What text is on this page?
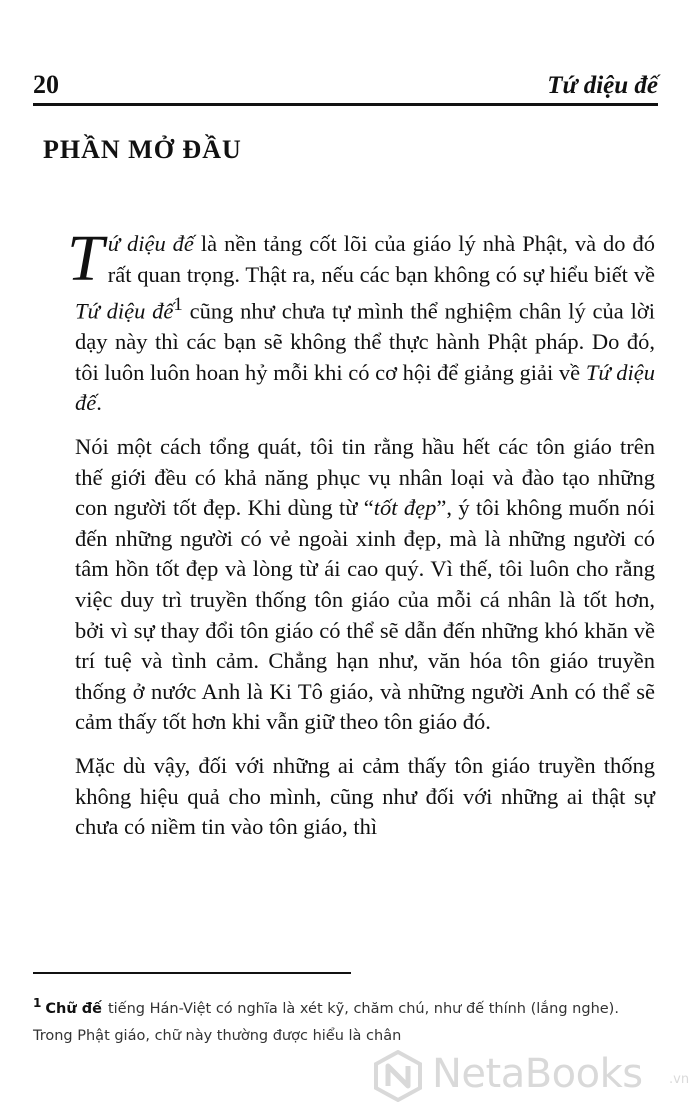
20	Tứ diệu đế
PHẦN MỞ ĐẦU

Tứ diệu đế là nền tảng cốt lõi của giáo lý nhà Phật, và do đó rất quan trọng. Thật ra, nếu các bạn không có sự hiểu biết về Tứ diệu đế$^1$ cũng như chưa tự mình thể nghiệm chân lý của lời dạy này thì các bạn sẽ không thể thực hành Phật pháp. Do đó, tôi luôn luôn hoan hỷ mỗi khi có cơ hội để giảng giải về Tứ diệu đế.

Nói một cách tổng quát, tôi tin rằng hầu hết các tôn giáo trên thế giới đều có khả năng phục vụ nhân loại và đào tạo những con người tốt đẹp. Khi dùng từ “tốt đẹp”, ý tôi không muốn nói đến những người có vẻ ngoài xinh đẹp, mà là những người có tâm hồn tốt đẹp và lòng từ ái cao quý. Vì thế, tôi luôn cho rằng việc duy trì truyền thống tôn giáo của mỗi cá nhân là tốt hơn, bởi vì sự thay đổi tôn giáo có thể sẽ dẫn đến những khó khăn về trí tuệ và tình cảm. Chẳng hạn như, văn hóa tôn giáo truyền thống ở nước Anh là Ki Tô giáo, và những người Anh có thể sẽ cảm thấy tốt hơn khi vẫn giữ theo tôn giáo đó.

Mặc dù vậy, đối với những ai cảm thấy tôn giáo truyền thống không hiệu quả cho mình, cũng như đối với những ai thật sự chưa có niềm tin vào tôn giáo, thì

$^1$ Chữ đế tiếng Hán-Việt có nghĩa là xét kỹ, chăm chú, như đế thính (lắng nghe). Trong Phật giáo, chữ này thường được hiểu là chân
NetaBooks .vn
